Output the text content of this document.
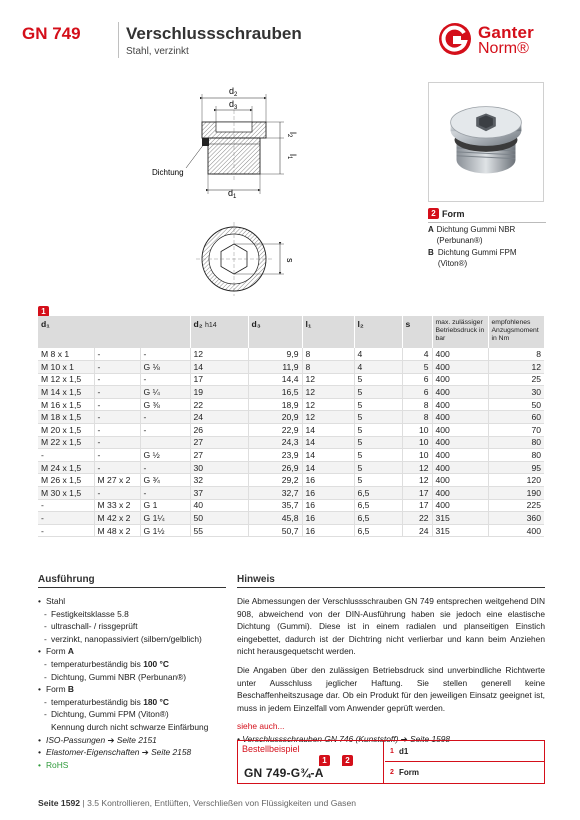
GN 749	Verschlussschrauben
Stahl, verzinkt
Ganter
Norm®
$d_2$
$d_3$
$l_2$
$l_1$
$d_1$
Dichtung
s
2 Form
A Dichtung Gummi NBR (Perbunan®)
B Dichtung Gummi FPM (Viton®)
1
d₁			d₂ h14	d₃	l₁	l₂	s	max. zulässiger Betriebsdruck in bar	empfohlenes Anzugsmoment in Nm
M 8 x 1	-	-	12	9,9	8	4	4	400	8
M 10 x 1	-	G ⅛	14	11,9	8	4	5	400	12
M 12 x 1,5	-	-	17	14,4	12	5	6	400	25
M 14 x 1,5	-	G ¼	19	16,5	12	5	6	400	30
M 16 x 1,5	-	G ⅜	22	18,9	12	5	8	400	50
M 18 x 1,5	-	-	24	20,9	12	5	8	400	60
M 20 x 1,5	-	-	26	22,9	14	5	10	400	70
M 22 x 1,5	-		27	24,3	14	5	10	400	80
-	-	G ½	27	23,9	14	5	10	400	80
M 24 x 1,5	-	-	30	26,9	14	5	12	400	95
M 26 x 1,5	M 27 x 2	G ¾	32	29,2	16	5	12	400	120
M 30 x 1,5	-	-	37	32,7	16	6,5	17	400	190
-	M 33 x 2	G 1	40	35,7	16	6,5	17	400	225
-	M 42 x 2	G 1¼	50	45,8	16	6,5	22	315	360
-	M 48 x 2	G 1½	55	50,7	16	6,5	24	315	400
Ausführung
• Stahl
- Festigkeitsklasse 5.8
- ultraschall- / rissgeprüft
- verzinkt, nanopassiviert (silbern/gelblich)
• Form A
- temperaturbeständig bis 100 °C
- Dichtung, Gummi NBR (Perbunan®)
• Form B
- temperaturbeständig bis 180 °C
- Dichtung, Gummi FPM (Viton®)
Kennung durch nicht schwarze Einfärbung
• ISO-Passungen ➔ Seite 2151
• Elastomer-Eigenschaften ➔ Seite 2158
• RoHS
Hinweis

Die Abmessungen der Verschlussschrauben GN 749 entsprechen weitgehend DIN 908, abweichend von der DIN-Ausführung haben sie jedoch eine elastische Dichtung (Gummi). Diese ist in einem radialen und planseitigen Einstich eingebettet, dadurch ist der Dichtring nicht verlierbar und kann beim Anziehen nicht herausgequetscht werden.

Die Angaben über den zulässigen Betriebsdruck sind unverbindliche Richtwerte unter Ausschluss jeglicher Haftung. Sie stellen generell keine Beschaffenheitszusage dar. Ob ein Produkt für den jeweiligen Einsatz geeignet ist, muss in jedem Einzelfall vom Anwender geprüft werden.

siehe auch...
• Verschlussschrauben GN 746 (Kunststoff) ➔ Seite 1598
Bestellbeispiel
1	2
GN 749-G¾-A
1 d1
2 Form
Seite 1592 | 3.5 Kontrollieren, Entlüften, Verschließen von Flüssigkeiten und Gasen
